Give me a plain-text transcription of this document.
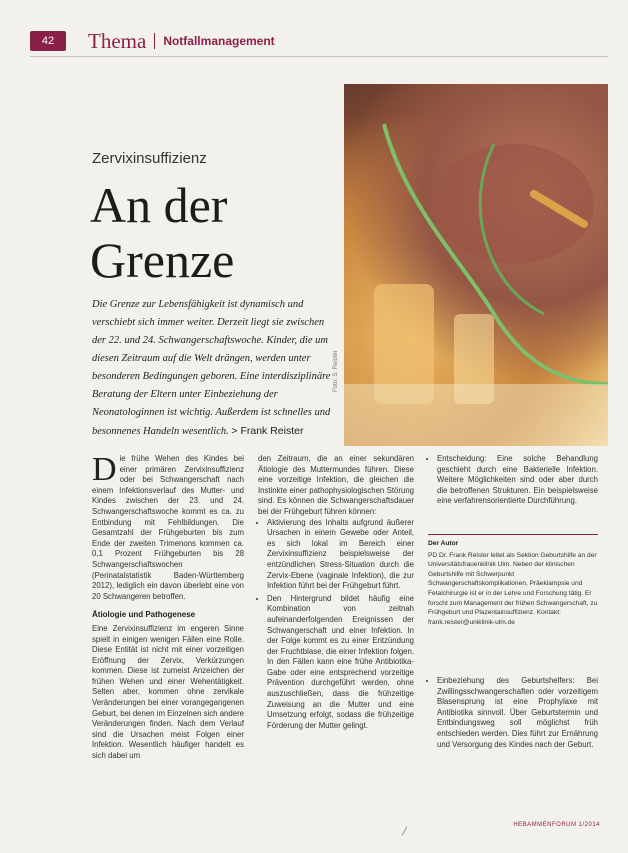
42	Thema Notfallmanagement
Foto: S. Reister
Zervixinsuffizienz
An der
Grenze
Die Grenze zur Lebensfähigkeit ist dynamisch und verschiebt sich immer weiter. Derzeit liegt sie zwischen der 22. und 24. Schwangerschaftswoche. Kinder, die um diesen Zeitraum auf die Welt drängen, werden unter besonderen Bedingungen geboren. Eine interdisziplinäre Beratung der Eltern unter Einbeziehung der Neonatologinnen ist wichtig. Außerdem ist schnelles und besonnenes Handeln wesentlich. > Frank Reister

Die frühe Wehen des Kindes bei einer primären Zervixinsuffizienz oder bei Schwangerschaft nach einem Infektionsverlauf des Mutter- und Kindes zwischen der 23. und 24. Schwangerschaftswoche kommt es ca. zu Entbindung mit Fehlbildungen. Die Gesamtzahl der Frühgeburten bis zum Ende der zweiten Trimenons kommen ca. 0,1 Prozent Frühgeburten bis 28 Schwangerschaftswochen (Perinatalstatistik Baden-Württemberg 2012), lediglich ein davon überlebt eine von 20 Schwangeren betroffen.

Ätiologie und Pathogenese

Eine Zervixinsuffizienz im engeren Sinne spielt in einigen wenigen Fällen eine Rolle. Diese Entität ist nicht mit einer vorzeitigen Eröffnung der Zervix, Verkürzungen kommen. Diese ist zumeist Anzeichen der frühen Wehen und einer Wehentätigkeit. Selten aber, kommen ohne zervikale Veränderungen bei einer vorangegangenen Geburt, bei denen im Einzelnen sich andere Veränderungen finden. Nach dem Verlauf sind die Ursachen meist Folgen einer Infektion. Wesentlich häufiger handelt es sich dabei um

den Zeitraum, die an einer sekundären Ätiologie des Muttermundes führen. Diese eine vorzeitige Infektion, die gleichen die Instinkte einer pathophysiologischen Störung sind. Es können die Schwangerschaftsdauer bei der Frühgeburt führen können:

• Aktivierung des Inhalts aufgrund äußerer Ursachen in einem Gewebe oder Anteil, es sich lokal im Bereich einer Zervixinsuffizienz beispielsweise der entzündlichen Stress-Situation durch die Zervix-Ebene (vaginale Infektion), die zur Infektion führt bei der Frühgeburt führt.
• Den Hintergrund bildet häufig eine Kombination von zeitnah aufeinanderfolgenden Ereignissen der Schwangerschaft und einer Infektion. In der Folge kommt es zu einer Entzündung der Fruchtblase, die einer Infektion folgen. In den Fällen kann eine frühe Antibiotika-Gabe oder eine entsprechend vorzeitige Prävention durchgeführt werden, ohne auszuschließen, dass die frühzeitige Zuweisung an die Mutter und eine Umsetzung erfolgt, sodass die frühzeitige Förderung der Mutter gelingt.
• Entscheidung: Eine solche Behandlung geschieht durch eine Bakterielle Infektion. Weitere Möglichkeiten sind oder aber durch die betroffenen Strukturen. Ein beispielsweise eine verfahrensorientierte Durchführung.
Der Autor
PD Dr. Frank Reister leitet als Sektion Geburtshilfe an der Universitätsfrauenklinik Ulm. Neben der klinischen Geburtshilfe mit Schwerpunkt Schwangerschaftskomplikationen, Präeklampsie und Fetalchirurgie ist er in der Lehre und Forschung tätig. Er forscht zum Management der frühen Schwangerschaft, zu Frühgeburt und Plazentainsuffizienz. Kontakt: frank.reister@uniklinik-ulm.de
• Einbeziehung des Geburtshelfers: Bei Zwillingsschwangerschaften oder vorzeitigem Blasensprung ist eine Prophylaxe mit Antibiotika sinnvoll. Über Geburtstermin und Entbindungsweg soll möglichst früh entschieden werden. Dies führt zur Ernährung und Versorgung des Kindes nach der Geburt.
HEBAMMENFORUM 1/2014
